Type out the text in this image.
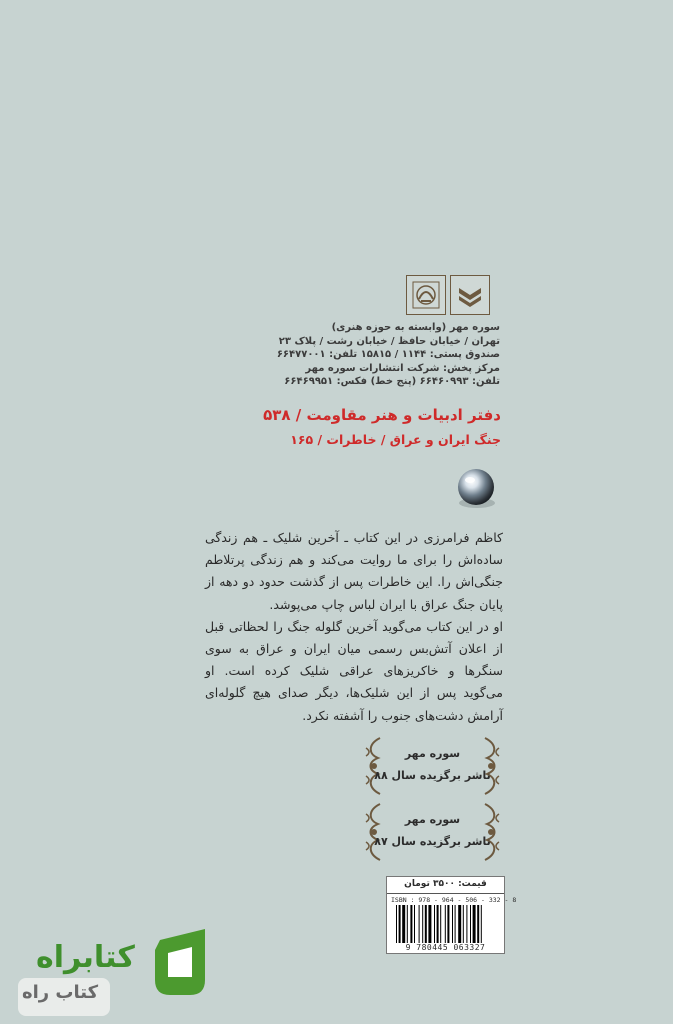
سوره مهر (وابسته به حوزه هنری)
تهران / خیابان حافظ / خیابان رشت / پلاک ۲۳
صندوق پستی: ۱۱۴۴ / ۱۵۸۱۵ تلفن: ۶۶۴۷۷۰۰۱
مرکز پخش: شرکت انتشارات سوره مهر
تلفن: ۶۶۴۶۰۹۹۳ (پنج خط) فکس: ۶۶۴۶۹۹۵۱
دفتر ادبیات و هنر مقاومت / ۵۳۸
جنگ ایران و عراق / خاطرات / ۱۶۵

کاظم فرامرزی در این کتاب ـ آخرین شلیک ـ هم زندگی ساده‌اش را برای ما روایت می‌کند و هم زندگی پرتلاطم جنگی‌اش را. این خاطرات پس از گذشت حدود دو دهه از پایان جنگ عراق با ایران لباس چاپ می‌پوشد.

او در این کتاب می‌گوید آخرین گلوله جنگ را لحظاتی قبل از اعلان آتش‌بس رسمی میان ایران و عراق به سوی سنگرها و خاکریزهای عراقی شلیک کرده است. او می‌گوید پس از این شلیک‌ها، دیگر صدای هیچ گلوله‌ای آرامش دشت‌های جنوب را آشفته نکرد.

سوره مهر
ناشر برگزیده سال ۸۸
سوره مهر
ناشر برگزیده سال ۸۷
قیمت: ۳۵۰۰ تومان
ISBN : 978 - 964 - 506 - 332 - 8
9 780445 063327
کتابراه
کتاب راه
